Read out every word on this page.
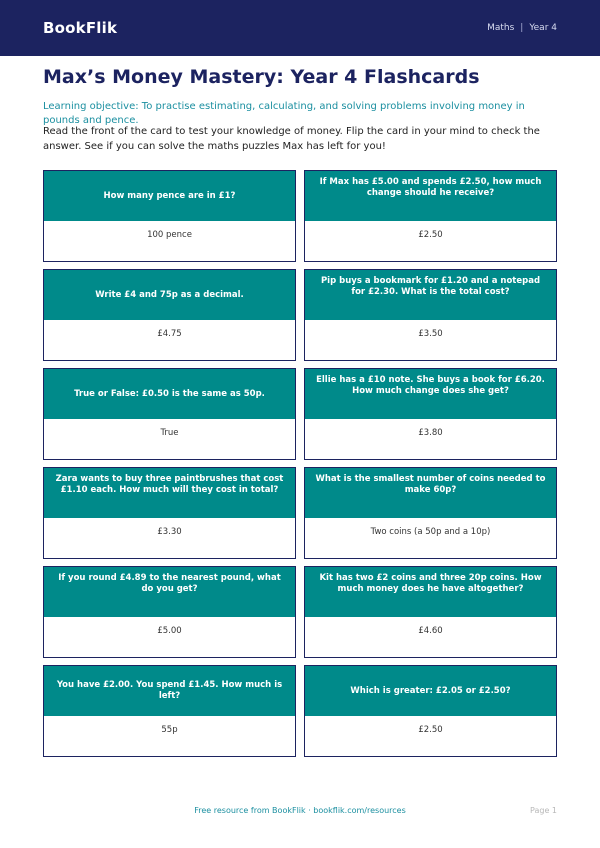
BookFlik	Maths | Year 4
Max’s Money Mastery: Year 4 Flashcards
Learning objective: To practise estimating, calculating, and solving problems involving money in pounds and pence.
Read the front of the card to test your knowledge of money. Flip the card in your mind to check the answer. See if you can solve the maths puzzles Max has left for you!
How many pence are in £1?
100 pence
If Max has £5.00 and spends £2.50, how much change should he receive?
£2.50
Write £4 and 75p as a decimal.
£4.75
Pip buys a bookmark for £1.20 and a notepad for £2.30. What is the total cost?
£3.50
True or False: £0.50 is the same as 50p.
True
Ellie has a £10 note. She buys a book for £6.20. How much change does she get?
£3.80
Zara wants to buy three paintbrushes that cost £1.10 each. How much will they cost in total?
£3.30
What is the smallest number of coins needed to make 60p?
Two coins (a 50p and a 10p)
If you round £4.89 to the nearest pound, what do you get?
£5.00
Kit has two £2 coins and three 20p coins. How much money does he have altogether?
£4.60
You have £2.00. You spend £1.45. How much is left?
55p
Which is greater: £2.05 or £2.50?
£2.50
Free resource from BookFlik · bookflik.com/resources	Page 1
